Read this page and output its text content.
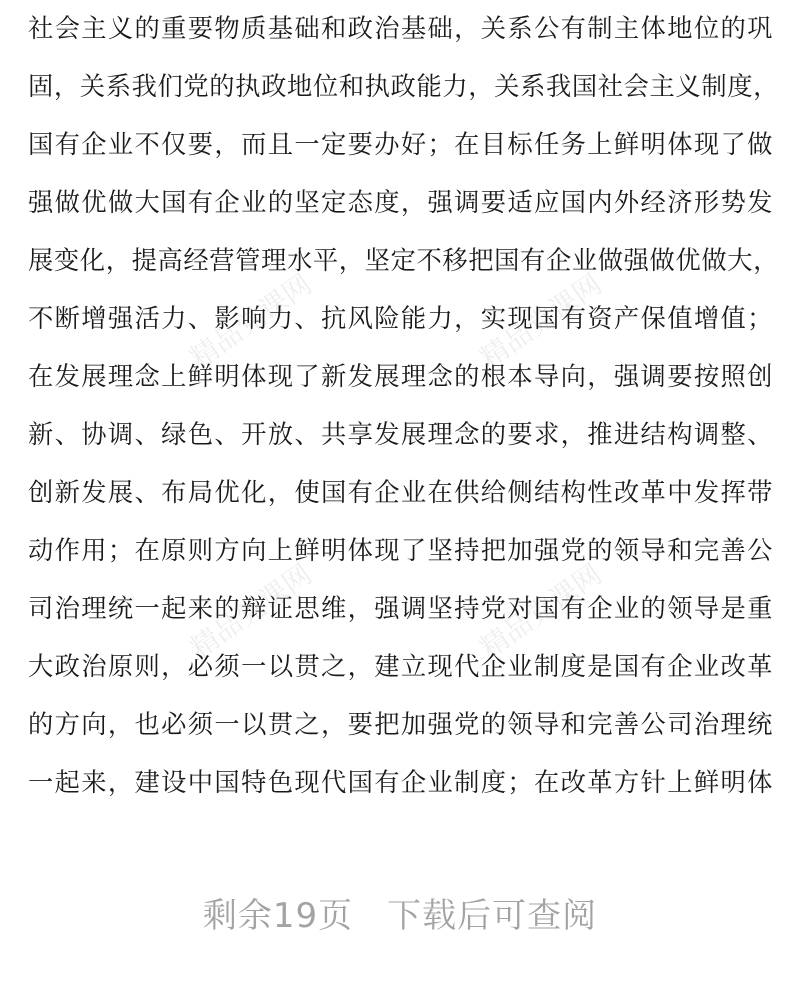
精品党课网	精品党课网
精品党课网	精品党课网
社会主义的重要物质基础和政治基础，关系公有制主体地位的巩
固，关系我们党的执政地位和执政能力，关系我国社会主义制度，
国有企业不仅要，而且一定要办好；在目标任务上鲜明体现了做
强做优做大国有企业的坚定态度，强调要适应国内外经济形势发
展变化，提高经营管理水平，坚定不移把国有企业做强做优做大，
不断增强活力、影响力、抗风险能力，实现国有资产保值增值；
在发展理念上鲜明体现了新发展理念的根本导向，强调要按照创
新、协调、绿色、开放、共享发展理念的要求，推进结构调整、
创新发展、布局优化，使国有企业在供给侧结构性改革中发挥带
动作用；在原则方向上鲜明体现了坚持把加强党的领导和完善公
司治理统一起来的辩证思维，强调坚持党对国有企业的领导是重
大政治原则，必须一以贯之，建立现代企业制度是国有企业改革
的方向，也必须一以贯之，要把加强党的领导和完善公司治理统
一起来，建设中国特色现代国有企业制度；在改革方针上鲜明体
剩余19页 下载后可查阅
